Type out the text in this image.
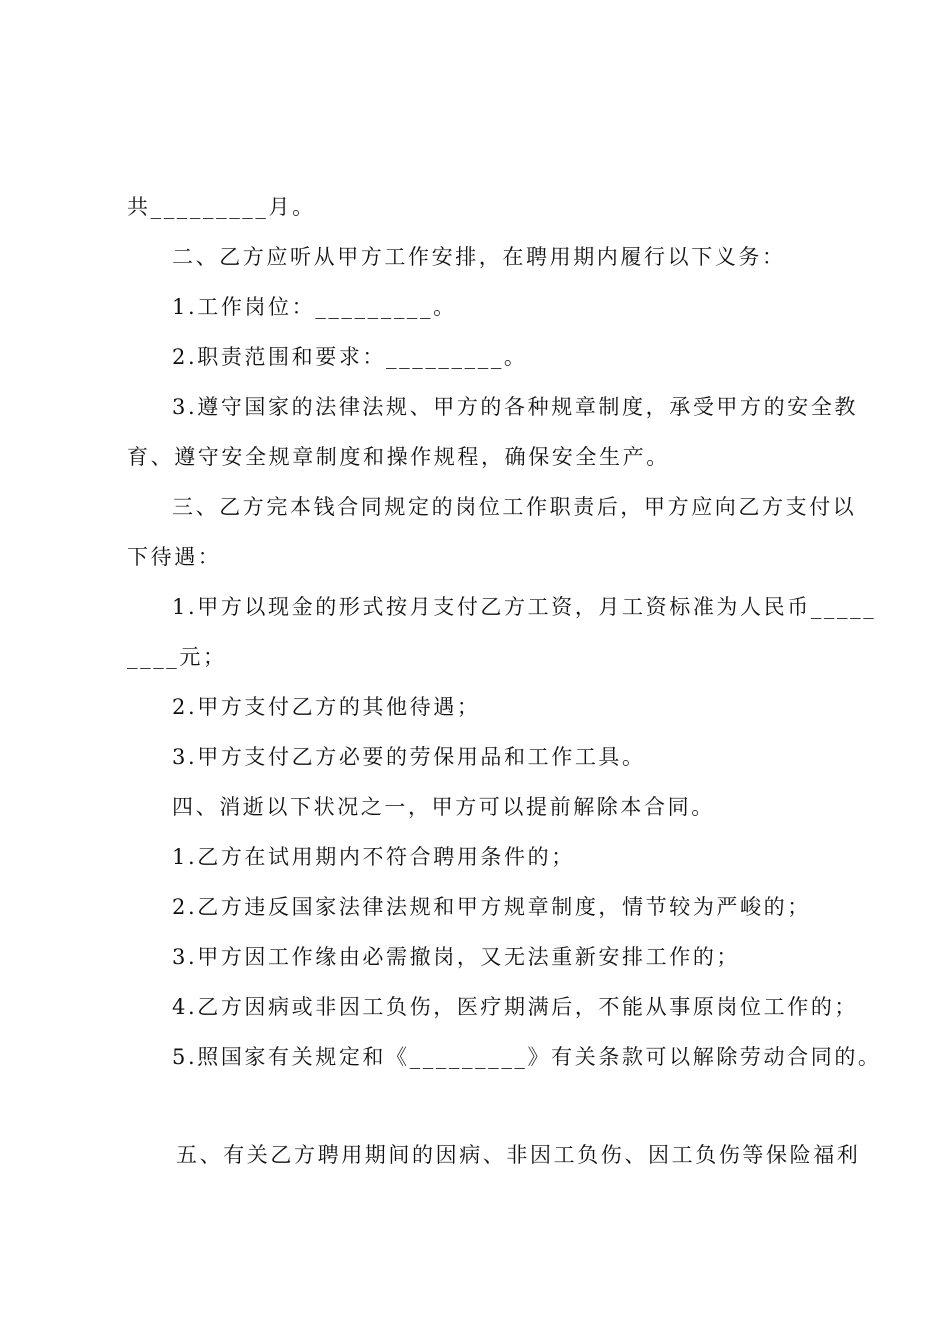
共_________月。
二、乙方应听从甲方工作安排，在聘用期内履行以下义务：
1.工作岗位：_________。
2.职责范围和要求：_________。
3.遵守国家的法律法规、甲方的各种规章制度，承受甲方的安全教
育、遵守安全规章制度和操作规程，确保安全生产。
三、乙方完本钱合同规定的岗位工作职责后，甲方应向乙方支付以
下待遇：
1.甲方以现金的形式按月支付乙方工资，月工资标准为人民币_____
____元；
2.甲方支付乙方的其他待遇；
3.甲方支付乙方必要的劳保用品和工作工具。
四、消逝以下状况之一，甲方可以提前解除本合同。
1.乙方在试用期内不符合聘用条件的；
2.乙方违反国家法律法规和甲方规章制度，情节较为严峻的；
3.甲方因工作缘由必需撤岗，又无法重新安排工作的；
4.乙方因病或非因工负伤，医疗期满后，不能从事原岗位工作的；
5.照国家有关规定和《_________》有关条款可以解除劳动合同的。
五、有关乙方聘用期间的因病、非因工负伤、因工负伤等保险福利
